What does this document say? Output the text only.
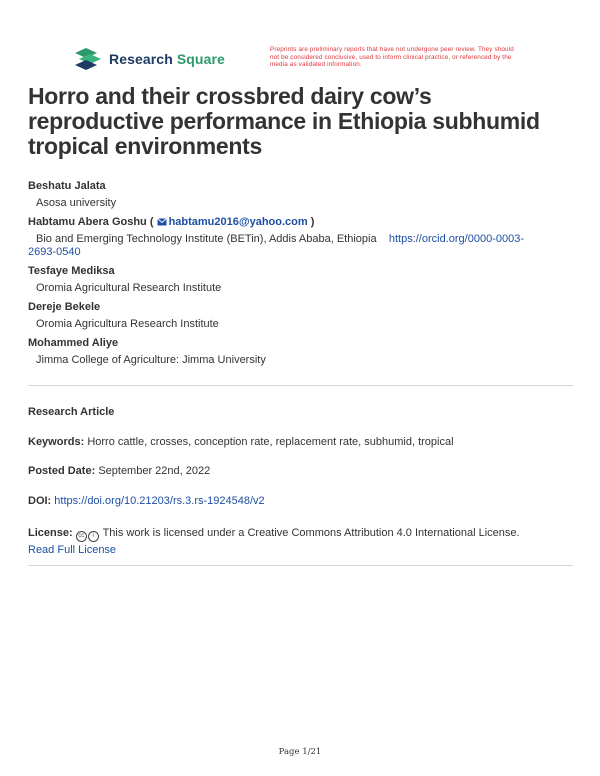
Research Square
Preprints are preliminary reports that have not undergone peer review. They should not be considered conclusive, used to inform clinical practice, or referenced by the media as validated information.
Horro and their crossbred dairy cow’s reproductive performance in Ethiopia subhumid tropical environments
Beshatu Jalata
Asosa university
Habtamu Abera Goshu ( habtamu2016@yahoo.com )
Bio and Emerging Technology Institute (BETin), Addis Ababa, Ethiopia https://orcid.org/0000-0003-
2693-0540
Tesfaye Mediksa
Oromia Agricultural Research Institute
Dereje Bekele
Oromia Agricultura Research Institute
Mohammed Aliye
Jimma College of Agriculture: Jimma University
Research Article
Keywords: Horro cattle, crosses, conception rate, replacement rate, subhumid, tropical
Posted Date: September 22nd, 2022
DOI: https://doi.org/10.21203/rs.3.rs-1924548/v2
License: cc i This work is licensed under a Creative Commons Attribution 4.0 International License.
Read Full License
Page 1/21
